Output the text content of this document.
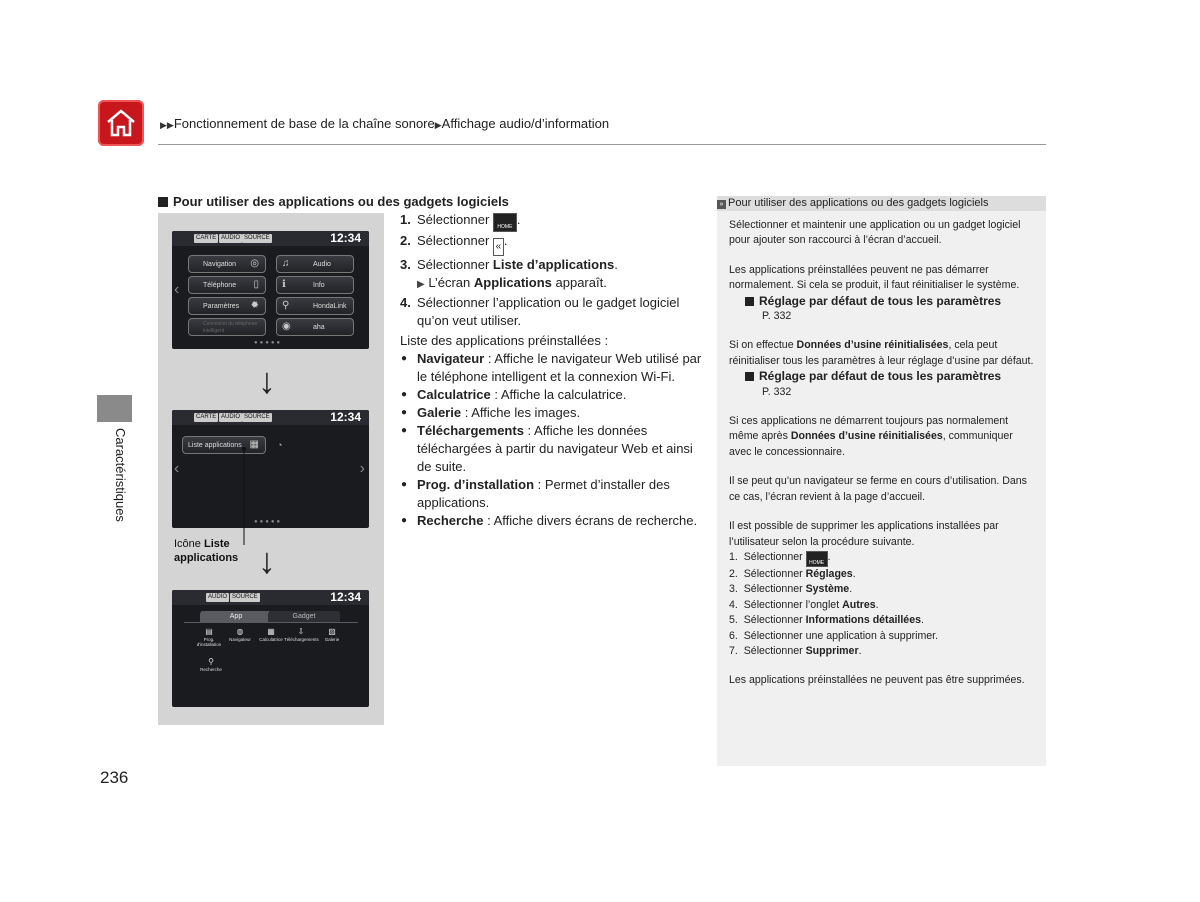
▶▶Fonctionnement de base de la chaîne sonore▶Affichage audio/d’information
Caractéristiques
Pour utiliser des applications ou des gadgets logiciels
CARTE AUDIO SOURCE	12:34
Navigation ◎ ♫	Audio
Téléphone ▯ ℹ	Info
Paramètres ✹ ⚲	HondaLink
Connexion du téléphone intelligent	◉	aha
‹
●●●●●
↓
CARTE AUDIO SOURCE	12:34
Liste applications ▦ ◔
‹	›
●●●●●
↓
AUDIO SOURCE	12:34
App	Gadget
▤
Prog. d'installation
◍
Navigateur
▦
Calculatrice
⇩
Téléchargements
▨
Galerie
⚲
Recherche
Icône Liste
applications
1. Sélectionner HOME .
2. Sélectionner « .
3. Sélectionner Liste d’applications.
▶ L’écran Applications apparaît.
4. Sélectionner l’application ou le gadget logiciel qu’on veut utiliser.
Liste des applications préinstallées :
● Navigateur : Affiche le navigateur Web utilisé par le téléphone intelligent et la connexion Wi-Fi.
● Calculatrice : Affiche la calculatrice.
● Galerie : Affiche les images.
● Téléchargements : Affiche les données téléchargées à partir du navigateur Web et ainsi de suite.
● Prog. d’installation : Permet d’installer des applications.
● Recherche : Affiche divers écrans de recherche.
236
» Pour utiliser des applications ou des gadgets logiciels

Sélectionner et maintenir une application ou un gadget logiciel pour ajouter son raccourci à l’écran d’accueil.

Les applications préinstallées peuvent ne pas démarrer normalement. Si cela se produit, il faut réinitialiser le système.

Réglage par défaut de tous les paramètres
P. 332

Si on effectue Données d’usine réinitialisées, cela peut réinitialiser tous les paramètres à leur réglage d’usine par défaut.

Réglage par défaut de tous les paramètres
P. 332

Si ces applications ne démarrent toujours pas normalement même après Données d’usine réinitialisées, communiquer avec le concessionnaire.

Il se peut qu’un navigateur se ferme en cours d’utilisation. Dans ce cas, l’écran revient à la page d’accueil.

Il est possible de supprimer les applications installées par l’utilisateur selon la procédure suivante.

1. Sélectionner HOME .
2. Sélectionner Réglages.
3. Sélectionner Système.
4. Sélectionner l’onglet Autres.
5. Sélectionner Informations détaillées.
6. Sélectionner une application à supprimer.
7. Sélectionner Supprimer.

Les applications préinstallées ne peuvent pas être supprimées.
